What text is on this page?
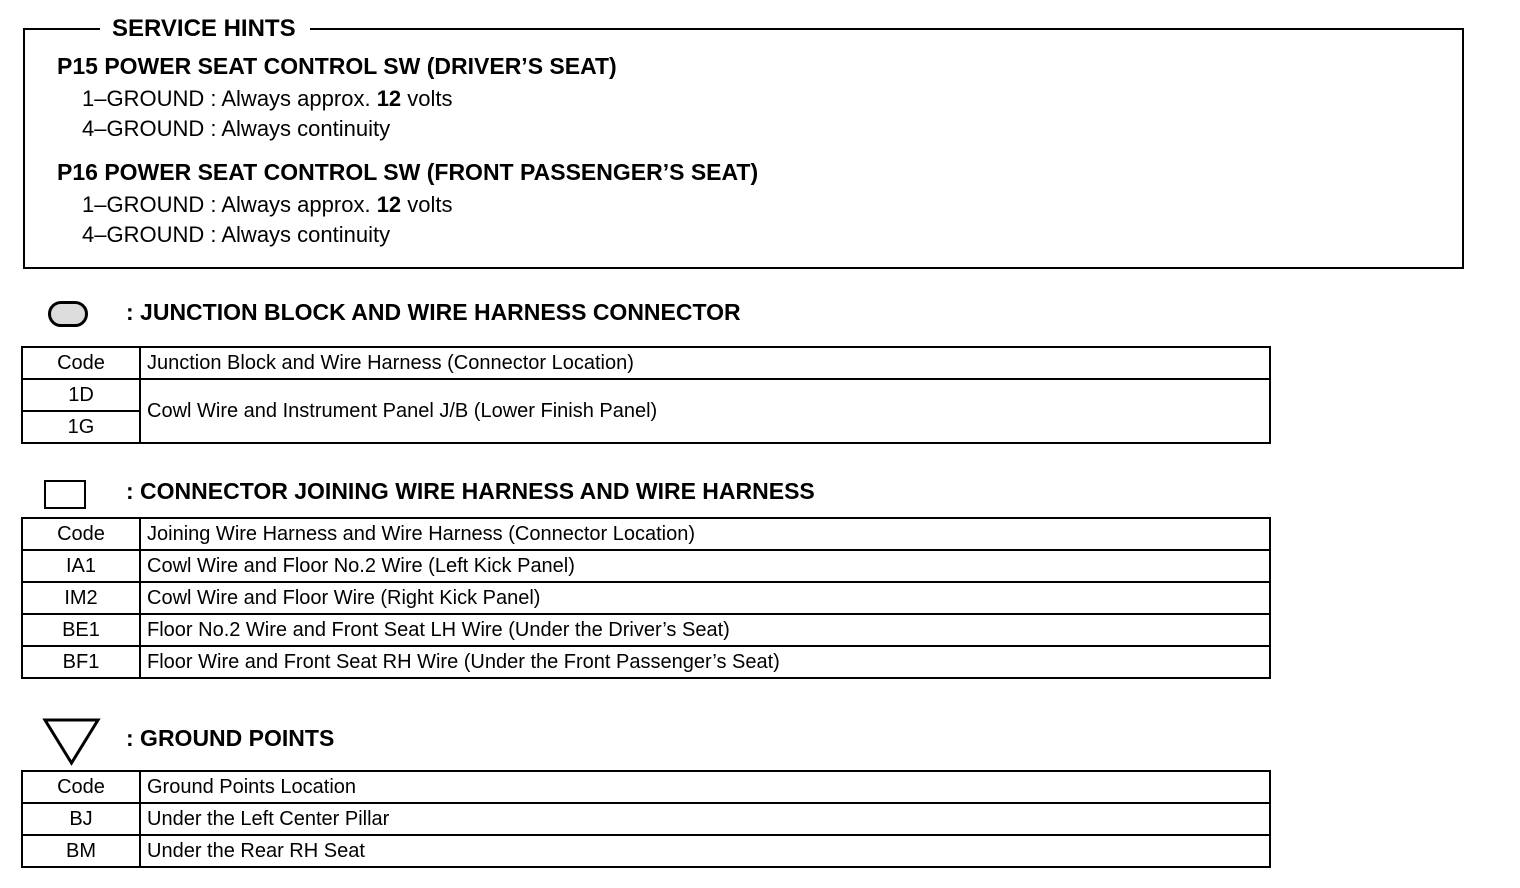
SERVICE HINTS
P15 POWER SEAT CONTROL SW (DRIVER’S SEAT)
1–GROUND : Always approx. 12 volts
4–GROUND : Always continuity
P16 POWER SEAT CONTROL SW (FRONT PASSENGER’S SEAT)
1–GROUND : Always approx. 12 volts
4–GROUND : Always continuity
: JUNCTION BLOCK AND WIRE HARNESS CONNECTOR
Code	Junction Block and Wire Harness (Connector Location)
1D	Cowl Wire and Instrument Panel J/B (Lower Finish Panel)
1G	
: CONNECTOR JOINING WIRE HARNESS AND WIRE HARNESS
Code	Joining Wire Harness and Wire Harness (Connector Location)
IA1	Cowl Wire and Floor No.2 Wire (Left Kick Panel)
IM2	Cowl Wire and Floor Wire (Right Kick Panel)
BE1	Floor No.2 Wire and Front Seat LH Wire (Under the Driver’s Seat)
BF1	Floor Wire and Front Seat RH Wire (Under the Front Passenger’s Seat)
: GROUND POINTS
Code	Ground Points Location
BJ	Under the Left Center Pillar
BM	Under the Rear RH Seat
